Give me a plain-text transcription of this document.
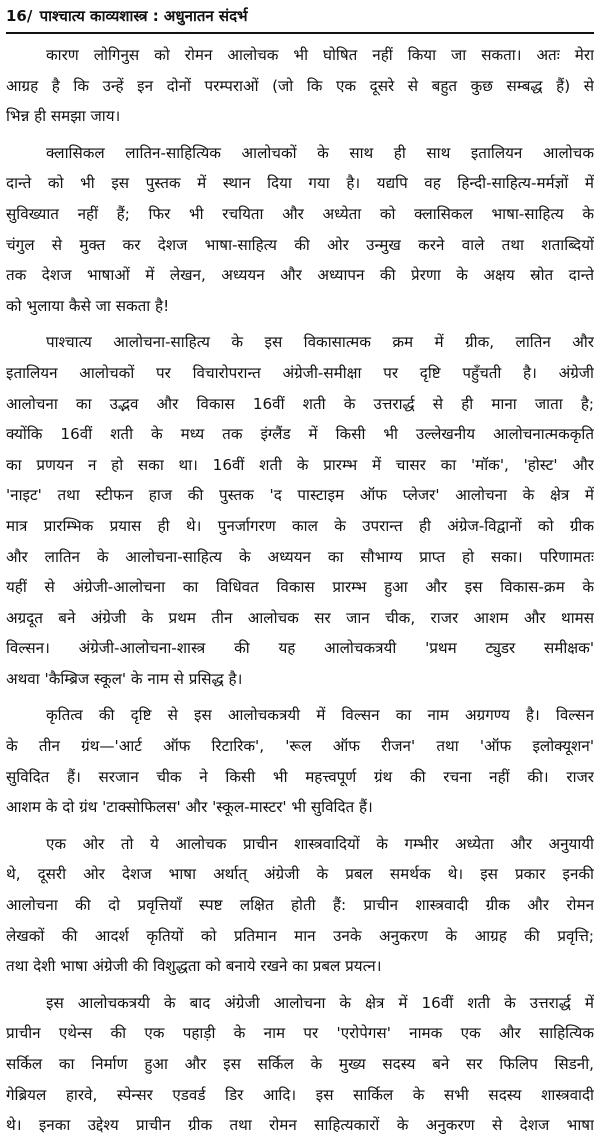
16/ पाश्चात्य काव्यशास्त्र : अधुनातन संदर्भ

कारण लोगिनुस को रोमन आलोचक भी घोषित नहीं किया जा सकता। अतः मेरा
आग्रह है कि उन्हें इन दोनों परम्पराओं (जो कि एक दूसरे से बहुत कुछ सम्बद्ध हैं) से
भिन्न ही समझा जाय।

क्लासिकल लातिन-साहित्यिक आलोचकों के साथ ही साथ इतालियन आलोचक
दान्ते को भी इस पुस्तक में स्थान दिया गया है। यद्यपि वह हिन्दी-साहित्य-मर्मज्ञों में
सुविख्यात नहीं हैं; फिर भी रचयिता और अध्येता को क्लासिकल भाषा-साहित्य के
चंगुल से मुक्त कर देशज भाषा-साहित्य की ओर उन्मुख करने वाले तथा शताब्दियों
तक देशज भाषाओं में लेखन, अध्ययन और अध्यापन की प्रेरणा के अक्षय स्रोत दान्ते
को भुलाया कैसे जा सकता है!

पाश्चात्य आलोचना-साहित्य के इस विकासात्मक क्रम में ग्रीक, लातिन और
इतालियन आलोचकों पर विचारोपरान्त अंग्रेजी-समीक्षा पर दृष्टि पहुँचती है। अंग्रेजी
आलोचना का उद्भव और विकास 16वीं शती के उत्तरार्द्ध से ही माना जाता है;
क्योंकि 16वीं शती के मध्य तक इंग्लैंड में किसी भी उल्लेखनीय आलोचनात्मककृति
का प्रणयन न हो सका था। 16वीं शती के प्रारम्भ में चासर का 'मॉक', 'होस्ट' और
'नाइट' तथा स्टीफन हाज की पुस्तक 'द पास्टाइम ऑफ प्लेजर' आलोचना के क्षेत्र में
मात्र प्रारम्भिक प्रयास ही थे। पुनर्जागरण काल के उपरान्त ही अंग्रेज-विद्वानों को ग्रीक
और लातिन के आलोचना-साहित्य के अध्ययन का सौभाग्य प्राप्त हो सका। परिणामतः
यहीं से अंग्रेजी-आलोचना का विधिवत विकास प्रारम्भ हुआ और इस विकास-क्रम के
अग्रदूत बने अंग्रेजी के प्रथम तीन आलोचक सर जान चीक, राजर आशम और थामस
विल्सन। अंग्रेजी-आलोचना-शास्त्र की यह आलोचकत्रयी 'प्रथम ट्युडर समीक्षक'
अथवा 'कैम्ब्रिज स्कूल' के नाम से प्रसिद्ध है।

कृतित्व की दृष्टि से इस आलोचकत्रयी में विल्सन का नाम अग्रगण्य है। विल्सन
के तीन ग्रंथ—'आर्ट ऑफ रिटारिक', 'रूल ऑफ रीजन' तथा 'ऑफ इलोक्यूशन'
सुविदित हैं। सरजान चीक ने किसी भी महत्त्वपूर्ण ग्रंथ की रचना नहीं की। राजर
आशम के दो ग्रंथ 'टाक्सोफिलस' और 'स्कूल-मास्टर' भी सुविदित हैं।

एक ओर तो ये आलोचक प्राचीन शास्त्रवादियों के गम्भीर अध्येता और अनुयायी
थे, दूसरी ओर देशज भाषा अर्थात् अंग्रेजी के प्रबल समर्थक थे। इस प्रकार इनकी
आलोचना की दो प्रवृत्तियाँ स्पष्ट लक्षित होती हैं: प्राचीन शास्त्रवादी ग्रीक और रोमन
लेखकों की आदर्श कृतियों को प्रतिमान मान उनके अनुकरण के आग्रह की प्रवृत्ति;
तथा देशी भाषा अंग्रेजी की विशुद्धता को बनाये रखने का प्रबल प्रयत्न।

इस आलोचकत्रयी के बाद अंग्रेजी आलोचना के क्षेत्र में 16वीं शती के उत्तरार्द्ध में
प्राचीन एथेन्स की एक पहाड़ी के नाम पर 'एरोपेगस' नामक एक और साहित्यिक
सर्किल का निर्माण हुआ और इस सर्किल के मुख्य सदस्य बने सर फिलिप सिडनी,
गेब्रियल हारवे, स्पेन्सर एडवर्ड डिर आदि। इस सार्किल के सभी सदस्य शास्त्रवादी
थे। इनका उद्देश्य प्राचीन ग्रीक तथा रोमन साहित्यकारों के अनुकरण से देशज भाषा
